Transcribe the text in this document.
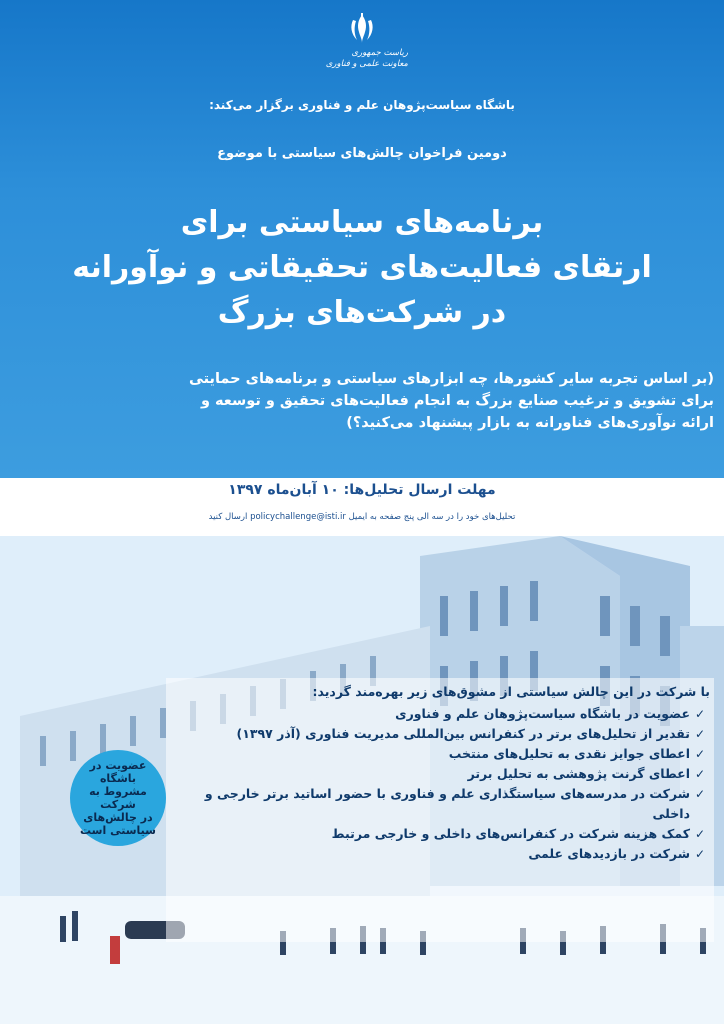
ریاست جمهوری
معاونت علمی و فناوری
باشگاه سیاست‌پژوهان علم و فناوری برگزار می‌کند:
دومین فراخوان چالش‌های سیاستی با موضوع
برنامه‌های سیاستی برای
ارتقای فعالیت‌های تحقیقاتی و نوآورانه
در شرکت‌های بزرگ
(بر اساس تجربه سایر کشورها، چه ابزارهای سیاستی و برنامه‌های حمایتی
برای تشویق و ترغیب صنایع بزرگ به انجام فعالیت‌های تحقیق و توسعه و
ارائه نوآوری‌های فناورانه به بازار پیشنهاد می‌کنید؟)
مهلت ارسال تحلیل‌ها: ۱۰ آبان‌ماه ۱۳۹۷
تحلیل‌های خود را در سه الی پنج صفحه به ایمیل policychallenge@isti.ir ارسال کنید
با شرکت در این چالش سیاستی از مشوق‌های زیر بهره‌مند گردید:
✓
عضویت در باشگاه سیاست‌پژوهان علم و فناوری
✓
تقدیر از تحلیل‌های برتر در کنفرانس بین‌المللی مدیریت فناوری (آذر ۱۳۹۷)
✓
اعطای جوایز نقدی به تحلیل‌های منتخب
✓
اعطای گرنت پژوهشی به تحلیل برتر
✓
شرکت در مدرسه‌های سیاستگذاری علم و فناوری با حضور اساتید برتر خارجی و داخلی
✓
کمک هزینه شرکت در کنفرانس‌های داخلی و خارجی مرتبط
✓
شرکت در بازدیدهای علمی
عضویت در باشگاه
مشروط به شرکت
در چالش‌های
سیاستی است
